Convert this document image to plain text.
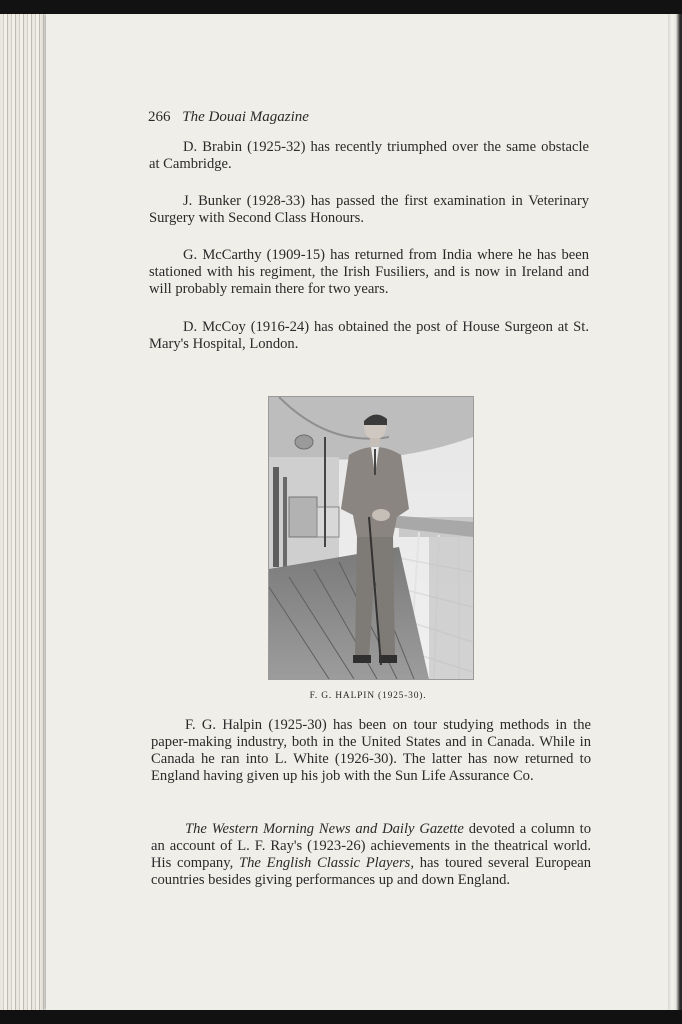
266 The Douai Magazine
D. Brabin (1925-32) has recently triumphed over the same obstacle at Cambridge.
J. Bunker (1928-33) has passed the first examination in Veterinary Surgery with Second Class Honours.
G. McCarthy (1909-15) has returned from India where he has been stationed with his regiment, the Irish Fusiliers, and is now in Ireland and will probably remain there for two years.
D. McCoy (1916-24) has obtained the post of House Surgeon at St. Mary's Hospital, London.
F. G. HALPIN (1925-30).
F. G. Halpin (1925-30) has been on tour studying methods in the paper-making industry, both in the United States and in Canada. While in Canada he ran into L. White (1926-30). The latter has now returned to England having given up his job with the Sun Life Assurance Co.
The Western Morning News and Daily Gazette devoted a column to an account of L. F. Ray's (1923-26) achievements in the theatrical world. His company, The English Classic Players, has toured several European countries besides giving performances up and down England.
